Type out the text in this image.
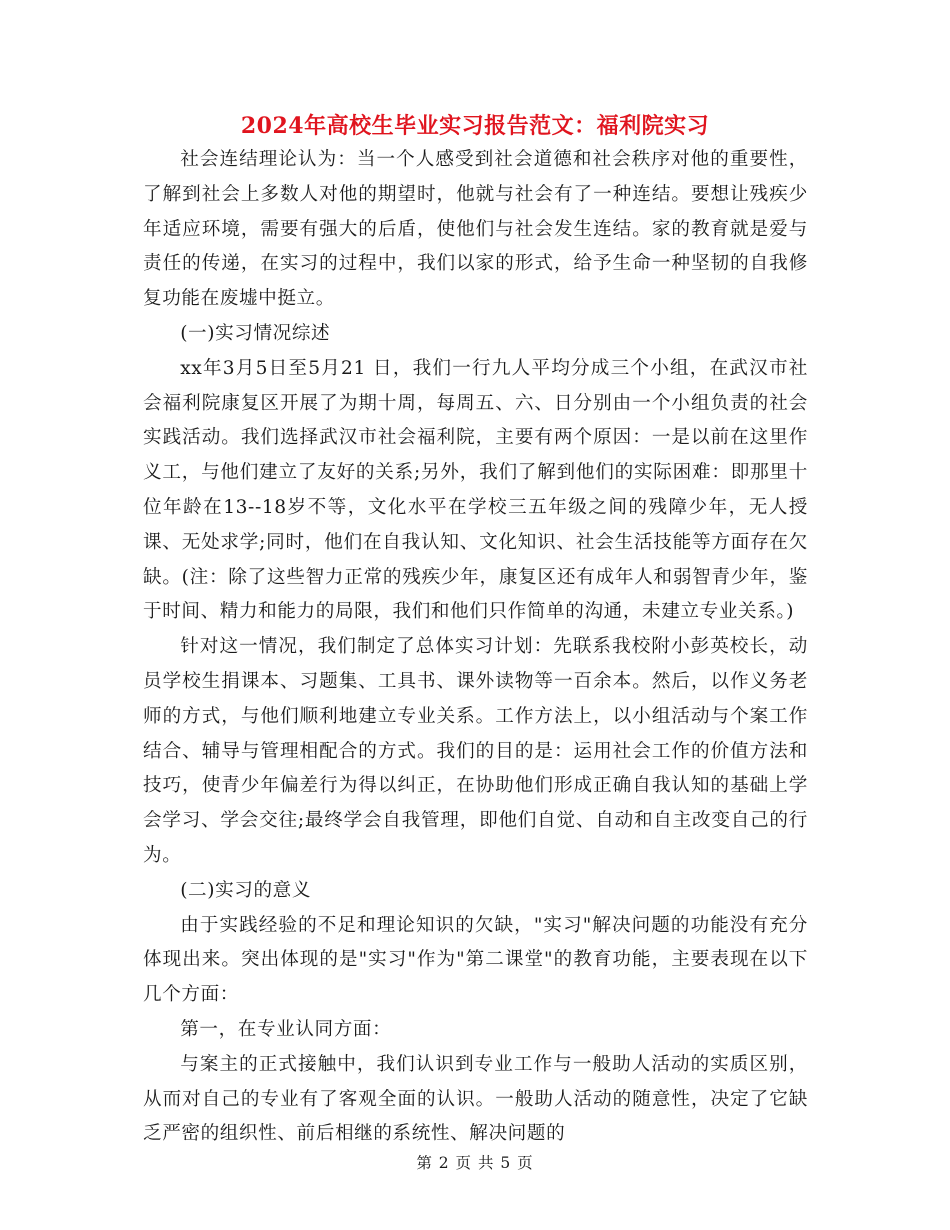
2024年高校生毕业实习报告范文：福利院实习

社会连结理论认为：当一个人感受到社会道德和社会秩序对他的重要性，了解到社会上多数人对他的期望时，他就与社会有了一种连结。要想让残疾少年适应环境，需要有强大的后盾，使他们与社会发生连结。家的教育就是爱与责任的传递，在实习的过程中，我们以家的形式，给予生命一种坚韧的自我修复功能在废墟中挺立。

(一)实习情况综述

xx年3月5日至5月21 日，我们一行九人平均分成三个小组，在武汉市社会福利院康复区开展了为期十周，每周五、六、日分别由一个小组负责的社会实践活动。我们选择武汉市社会福利院，主要有两个原因：一是以前在这里作义工，与他们建立了友好的关系;另外，我们了解到他们的实际困难：即那里十位年龄在13--18岁不等，文化水平在学校三五年级之间的残障少年，无人授课、无处求学;同时，他们在自我认知、文化知识、社会生活技能等方面存在欠缺。(注：除了这些智力正常的残疾少年，康复区还有成年人和弱智青少年，鉴于时间、精力和能力的局限，我们和他们只作简单的沟通，未建立专业关系。)

针对这一情况，我们制定了总体实习计划：先联系我校附小彭英校长，动员学校生捐课本、习题集、工具书、课外读物等一百余本。然后，以作义务老师的方式，与他们顺利地建立专业关系。工作方法上，以小组活动与个案工作结合、辅导与管理相配合的方式。我们的目的是：运用社会工作的价值方法和技巧，使青少年偏差行为得以纠正，在协助他们形成正确自我认知的基础上学会学习、学会交往;最终学会自我管理，即他们自觉、自动和自主改变自己的行为。

(二)实习的意义

由于实践经验的不足和理论知识的欠缺，"实习"解决问题的功能没有充分体现出来。突出体现的是"实习"作为"第二课堂"的教育功能，主要表现在以下几个方面：

第一，在专业认同方面：

与案主的正式接触中，我们认识到专业工作与一般助人活动的实质区别，从而对自己的专业有了客观全面的认识。一般助人活动的随意性，决定了它缺乏严密的组织性、前后相继的系统性、解决问题的

第 2 页 共 5 页
